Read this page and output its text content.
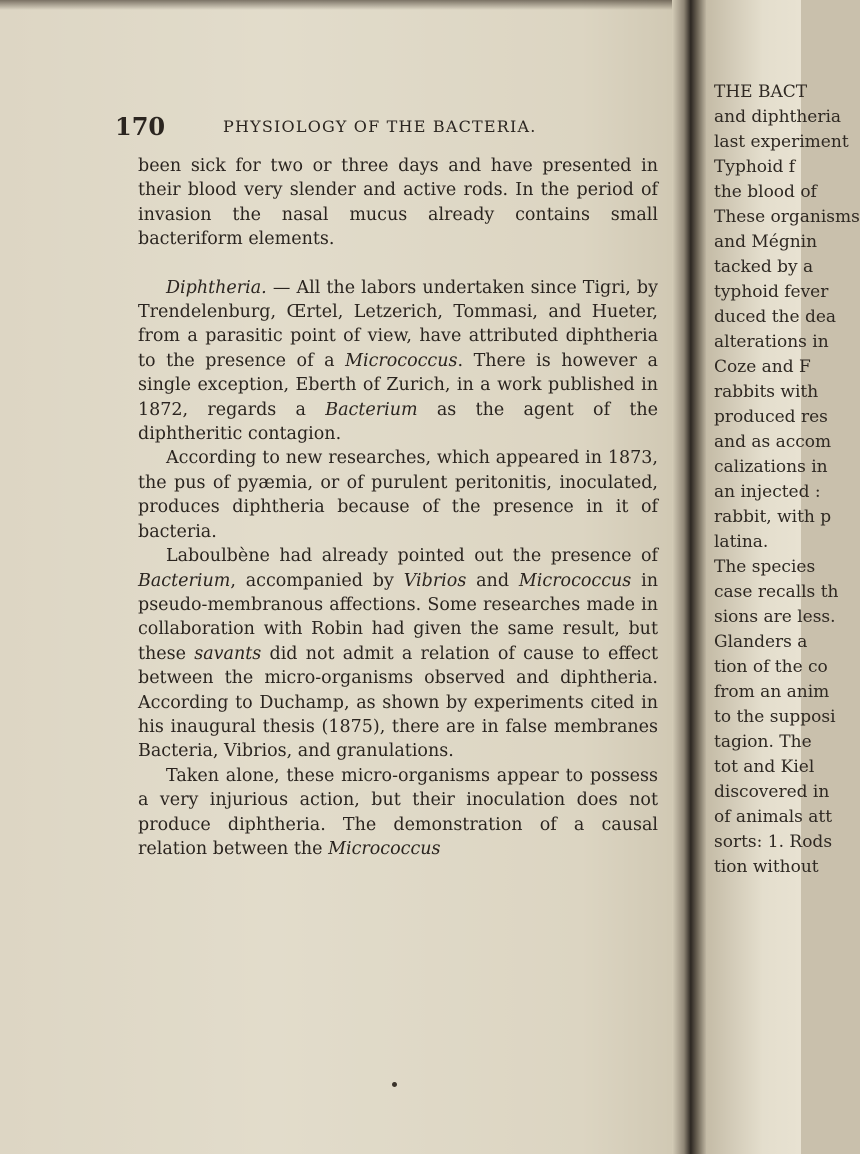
170	PHYSIOLOGY OF THE BACTERIA.

been sick for two or three days and have presented in their blood very slender and active rods. In the period of invasion the nasal mucus already contains small bacteriform elements.

Diphtheria. — All the labors undertaken since Tigri, by Trendelenburg, Œrtel, Letzerich, Tommasi, and Hueter, from a parasitic point of view, have attributed diphtheria to the presence of a Micrococcus. There is however a single exception, Eberth of Zurich, in a work published in 1872, regards a Bacterium as the agent of the diphtheritic contagion.

According to new researches, which appeared in 1873, the pus of pyæmia, or of purulent peritonitis, inoculated, produces diphtheria because of the presence in it of bacteria.

Laboulbène had already pointed out the presence of Bacterium, accompanied by Vibrios and Micrococcus in pseudo-membranous affections. Some researches made in collaboration with Robin had given the same result, but these savants did not admit a relation of cause to effect between the micro-organisms observed and diphtheria. According to Duchamp, as shown by experiments cited in his inaugural thesis (1875), there are in false membranes Bacteria, Vibrios, and granulations.

Taken alone, these micro-organisms appear to possess a very injurious action, but their inoculation does not produce diphtheria. The demonstration of a causal relation between the Micrococcus

THE BACT
and diphtheria
last experiment
Typhoid f
the blood of
These organisms
and Mégnin
tacked by a
typhoid fever
duced the dea
alterations in
Coze and F
rabbits with
produced res
and as accom
calizations in
an injected :
rabbit, with p
latina.
The species
case recalls th
sions are less.
Glanders a
tion of the co
from an anim
to the supposi
tagion. The
tot and Kiel
discovered in
of animals att
sorts: 1. Rods
tion without
